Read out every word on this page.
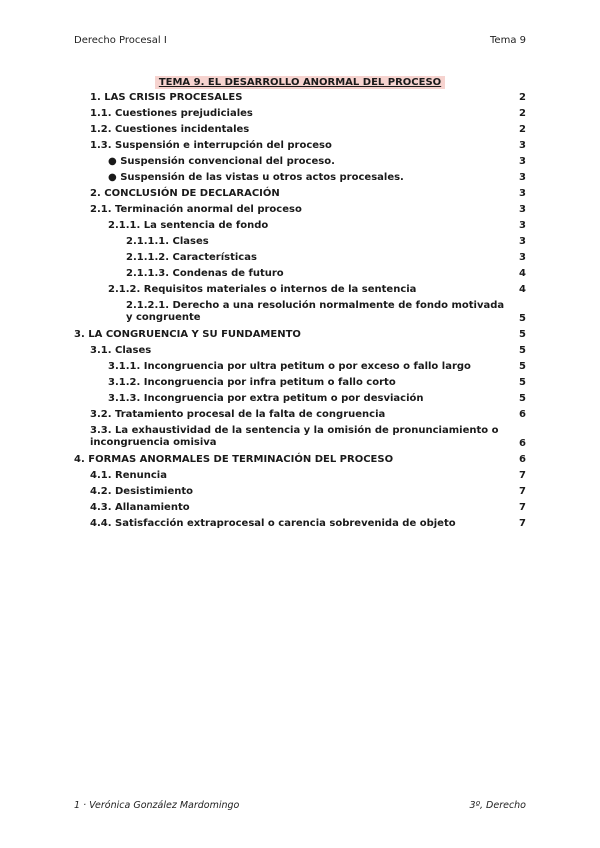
Derecho Procesal I	Tema 9
TEMA 9. EL DESARROLLO ANORMAL DEL PROCESO
1. LAS CRISIS PROCESALES	2
1.1. Cuestiones prejudiciales	2
1.2. Cuestiones incidentales	2
1.3. Suspensión e interrupción del proceso	3
● Suspensión convencional del proceso.	3
● Suspensión de las vistas u otros actos procesales.	3
2. CONCLUSIÓN DE DECLARACIÓN	3
2.1. Terminación anormal del proceso	3
2.1.1. La sentencia de fondo	3
2.1.1.1. Clases	3
2.1.1.2. Características	3
2.1.1.3. Condenas de futuro	4
2.1.2. Requisitos materiales o internos de la sentencia	4
2.1.2.1. Derecho a una resolución normalmente de fondo motivada y congruente	5
3. LA CONGRUENCIA Y SU FUNDAMENTO	5
3.1. Clases	5
3.1.1. Incongruencia por ultra petitum o por exceso o fallo largo	5
3.1.2. Incongruencia por infra petitum o fallo corto	5
3.1.3. Incongruencia por extra petitum o por desviación	5
3.2. Tratamiento procesal de la falta de congruencia	6
3.3. La exhaustividad de la sentencia y la omisión de pronunciamiento o incongruencia omisiva	6
4. FORMAS ANORMALES DE TERMINACIÓN DEL PROCESO	6
4.1. Renuncia	7
4.2. Desistimiento	7
4.3. Allanamiento	7
4.4. Satisfacción extraprocesal o carencia sobrevenida de objeto	7
1 · Verónica González Mardomingo	3º, Derecho
